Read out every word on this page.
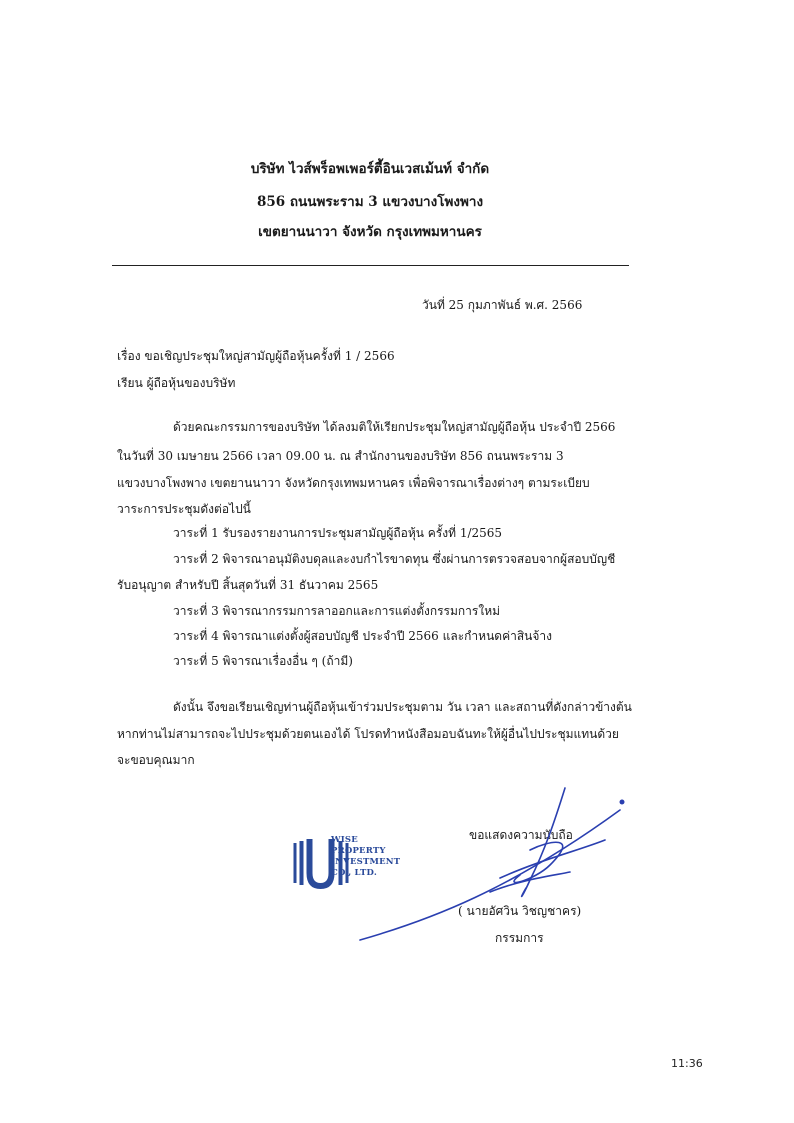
บริษัท ไวส์พร็อพเพอร์ตี้อินเวสเม้นท์ จำกัด
856 ถนนพระราม 3 แขวงบางโพงพาง
เขตยานนาวา จังหวัด กรุงเทพมหานคร
วันที่ 25 กุมภาพันธ์ พ.ศ. 2566
เรื่อง ขอเชิญประชุมใหญ่สามัญผู้ถือหุ้นครั้งที่ 1 / 2566
เรียน ผู้ถือหุ้นของบริษัท
ด้วยคณะกรรมการของบริษัท ได้ลงมติให้เรียกประชุมใหญ่สามัญผู้ถือหุ้น ประจำปี 2566
ในวันที่ 30 เมษายน 2566 เวลา 09.00 น. ณ สำนักงานของบริษัท 856 ถนนพระราม 3
แขวงบางโพงพาง เขตยานนาวา จังหวัดกรุงเทพมหานคร เพื่อพิจารณาเรื่องต่างๆ ตามระเบียบ
วาระการประชุมดังต่อไปนี้
วาระที่ 1 รับรองรายงานการประชุมสามัญผู้ถือหุ้น ครั้งที่ 1/2565
วาระที่ 2 พิจารณาอนุมัติงบดุลและงบกำไรขาดทุน ซึ่งผ่านการตรวจสอบจากผู้สอบบัญชี
รับอนุญาต สำหรับปี สิ้นสุดวันที่ 31 ธันวาคม 2565
วาระที่ 3 พิจารณากรรมการลาออกและการแต่งตั้งกรรมการใหม่
วาระที่ 4 พิจารณาแต่งตั้งผู้สอบบัญชี ประจำปี 2566 และกำหนดค่าสินจ้าง
วาระที่ 5 พิจารณาเรื่องอื่น ๆ (ถ้ามี)
ดังนั้น จึงขอเรียนเชิญท่านผู้ถือหุ้นเข้าร่วมประชุมตาม วัน เวลา และสถานที่ดังกล่าวข้างต้น
หากท่านไม่สามารถจะไปประชุมด้วยตนเองได้ โปรดทำหนังสือมอบฉันทะให้ผู้อื่นไปประชุมแทนด้วย
จะขอบคุณมาก
ขอแสดงความนับถือ
WISE
PROPERTY
INVESTMENT
CO., LTD.
( นายอัศวิน วิชญชาคร)
กรรมการ
11:36
